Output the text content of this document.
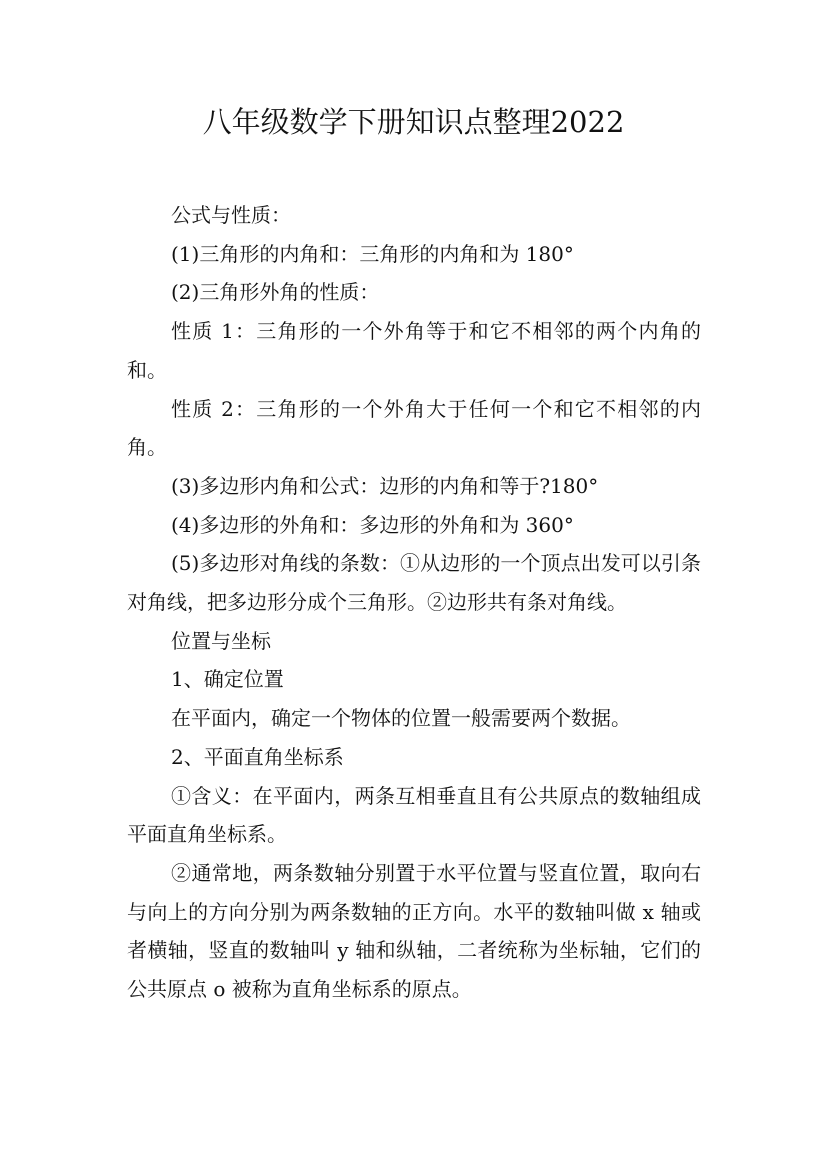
八年级数学下册知识点整理2022

公式与性质：

(1)三角形的内角和：三角形的内角和为 180°

(2)三角形外角的性质：

性质 1：三角形的一个外角等于和它不相邻的两个内角的和。

性质 2：三角形的一个外角大于任何一个和它不相邻的内角。

(3)多边形内角和公式：边形的内角和等于?180°

(4)多边形的外角和：多边形的外角和为 360°

(5)多边形对角线的条数：①从边形的一个顶点出发可以引条对角线，把多边形分成个三角形。②边形共有条对角线。

位置与坐标

1、确定位置

在平面内，确定一个物体的位置一般需要两个数据。

2、平面直角坐标系

①含义：在平面内，两条互相垂直且有公共原点的数轴组成平面直角坐标系。

②通常地，两条数轴分别置于水平位置与竖直位置，取向右与向上的方向分别为两条数轴的正方向。水平的数轴叫做 x 轴或者横轴，竖直的数轴叫 y 轴和纵轴，二者统称为坐标轴，它们的公共原点 o 被称为直角坐标系的原点。
